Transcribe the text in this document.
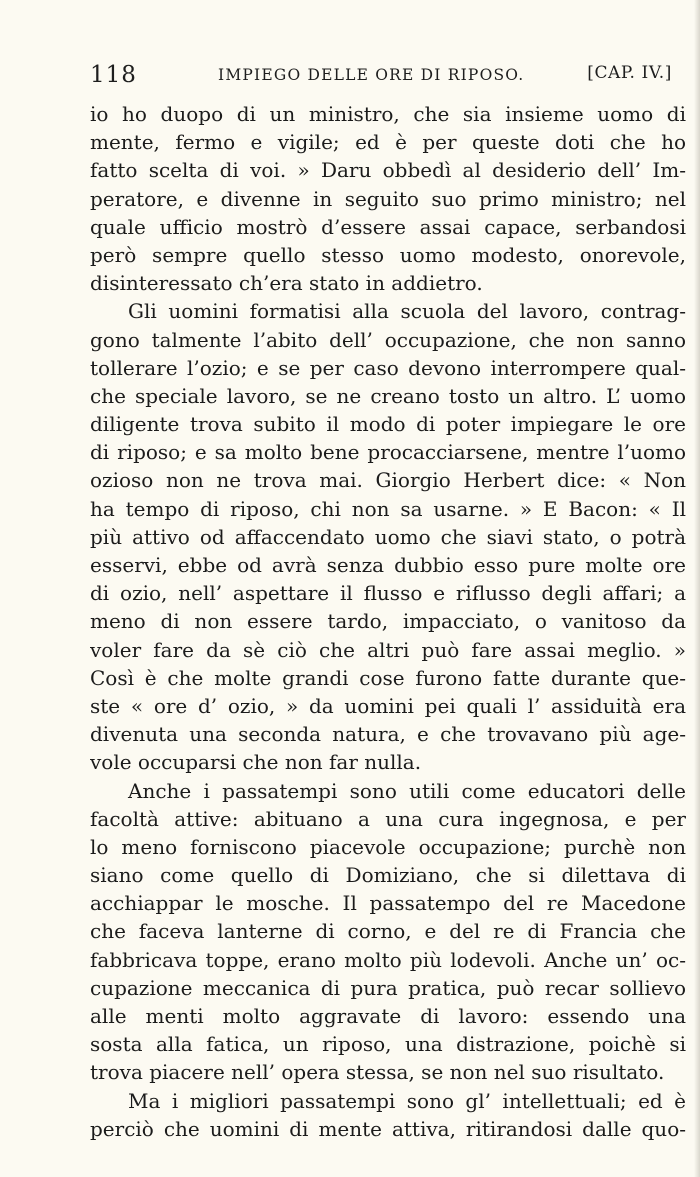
118	IMPIEGO DELLE ORE DI RIPOSO.	[CAP. IV.]
io ho duopo di un ministro, che sia insieme uomo di
mente, fermo e vigile; ed è per queste doti che ho
fatto scelta di voi. » Daru obbedì al desiderio dell’ Im-
peratore, e divenne in seguito suo primo ministro; nel
quale ufficio mostrò d’essere assai capace, serbandosi
però sempre quello stesso uomo modesto, onorevole,
disinteressato ch’era stato in addietro.
Gli uomini formatisi alla scuola del lavoro, contrag-
gono talmente l’abito dell’ occupazione, che non sanno
tollerare l’ozio; e se per caso devono interrompere qual-
che speciale lavoro, se ne creano tosto un altro. L’ uomo
diligente trova subito il modo di poter impiegare le ore
di riposo; e sa molto bene procacciarsene, mentre l’uomo
ozioso non ne trova mai. Giorgio Herbert dice: « Non
ha tempo di riposo, chi non sa usarne. » E Bacon: « Il
più attivo od affaccendato uomo che siavi stato, o potrà
esservi, ebbe od avrà senza dubbio esso pure molte ore
di ozio, nell’ aspettare il flusso e riflusso degli affari; a
meno di non essere tardo, impacciato, o vanitoso da
voler fare da sè ciò che altri può fare assai meglio. »
Così è che molte grandi cose furono fatte durante que-
ste « ore d’ ozio, » da uomini pei quali l’ assiduità era
divenuta una seconda natura, e che trovavano più age-
vole occuparsi che non far nulla.
Anche i passatempi sono utili come educatori delle
facoltà attive: abituano a una cura ingegnosa, e per
lo meno forniscono piacevole occupazione; purchè non
siano come quello di Domiziano, che si dilettava di
acchiappar le mosche. Il passatempo del re Macedone
che faceva lanterne di corno, e del re di Francia che
fabbricava toppe, erano molto più lodevoli. Anche un’ oc-
cupazione meccanica di pura pratica, può recar sollievo
alle menti molto aggravate di lavoro: essendo una
sosta alla fatica, un riposo, una distrazione, poichè si
trova piacere nell’ opera stessa, se non nel suo risultato.
Ma i migliori passatempi sono gl’ intellettuali; ed è
perciò che uomini di mente attiva, ritirandosi dalle quo-
